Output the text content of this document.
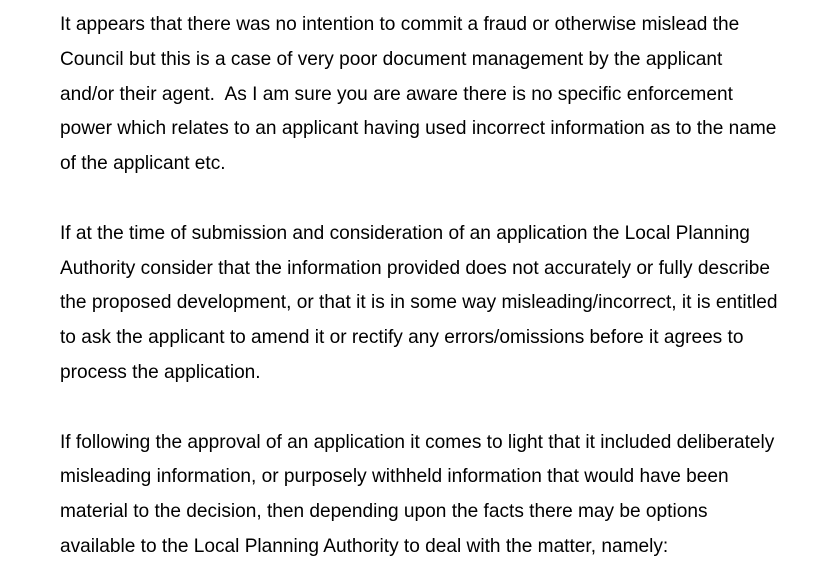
It appears that there was no intention to commit a fraud or otherwise mislead the
Council but this is a case of very poor document management by the applicant
and/or their agent.  As I am sure you are aware there is no specific enforcement
power which relates to an applicant having used incorrect information as to the name
of the applicant etc.

If at the time of submission and consideration of an application the Local Planning
Authority consider that the information provided does not accurately or fully describe
the proposed development, or that it is in some way misleading/incorrect, it is entitled
to ask the applicant to amend it or rectify any errors/omissions before it agrees to
process the application.

If following the approval of an application it comes to light that it included deliberately
misleading information, or purposely withheld information that would have been
material to the decision, then depending upon the facts there may be options
available to the Local Planning Authority to deal with the matter, namely:
